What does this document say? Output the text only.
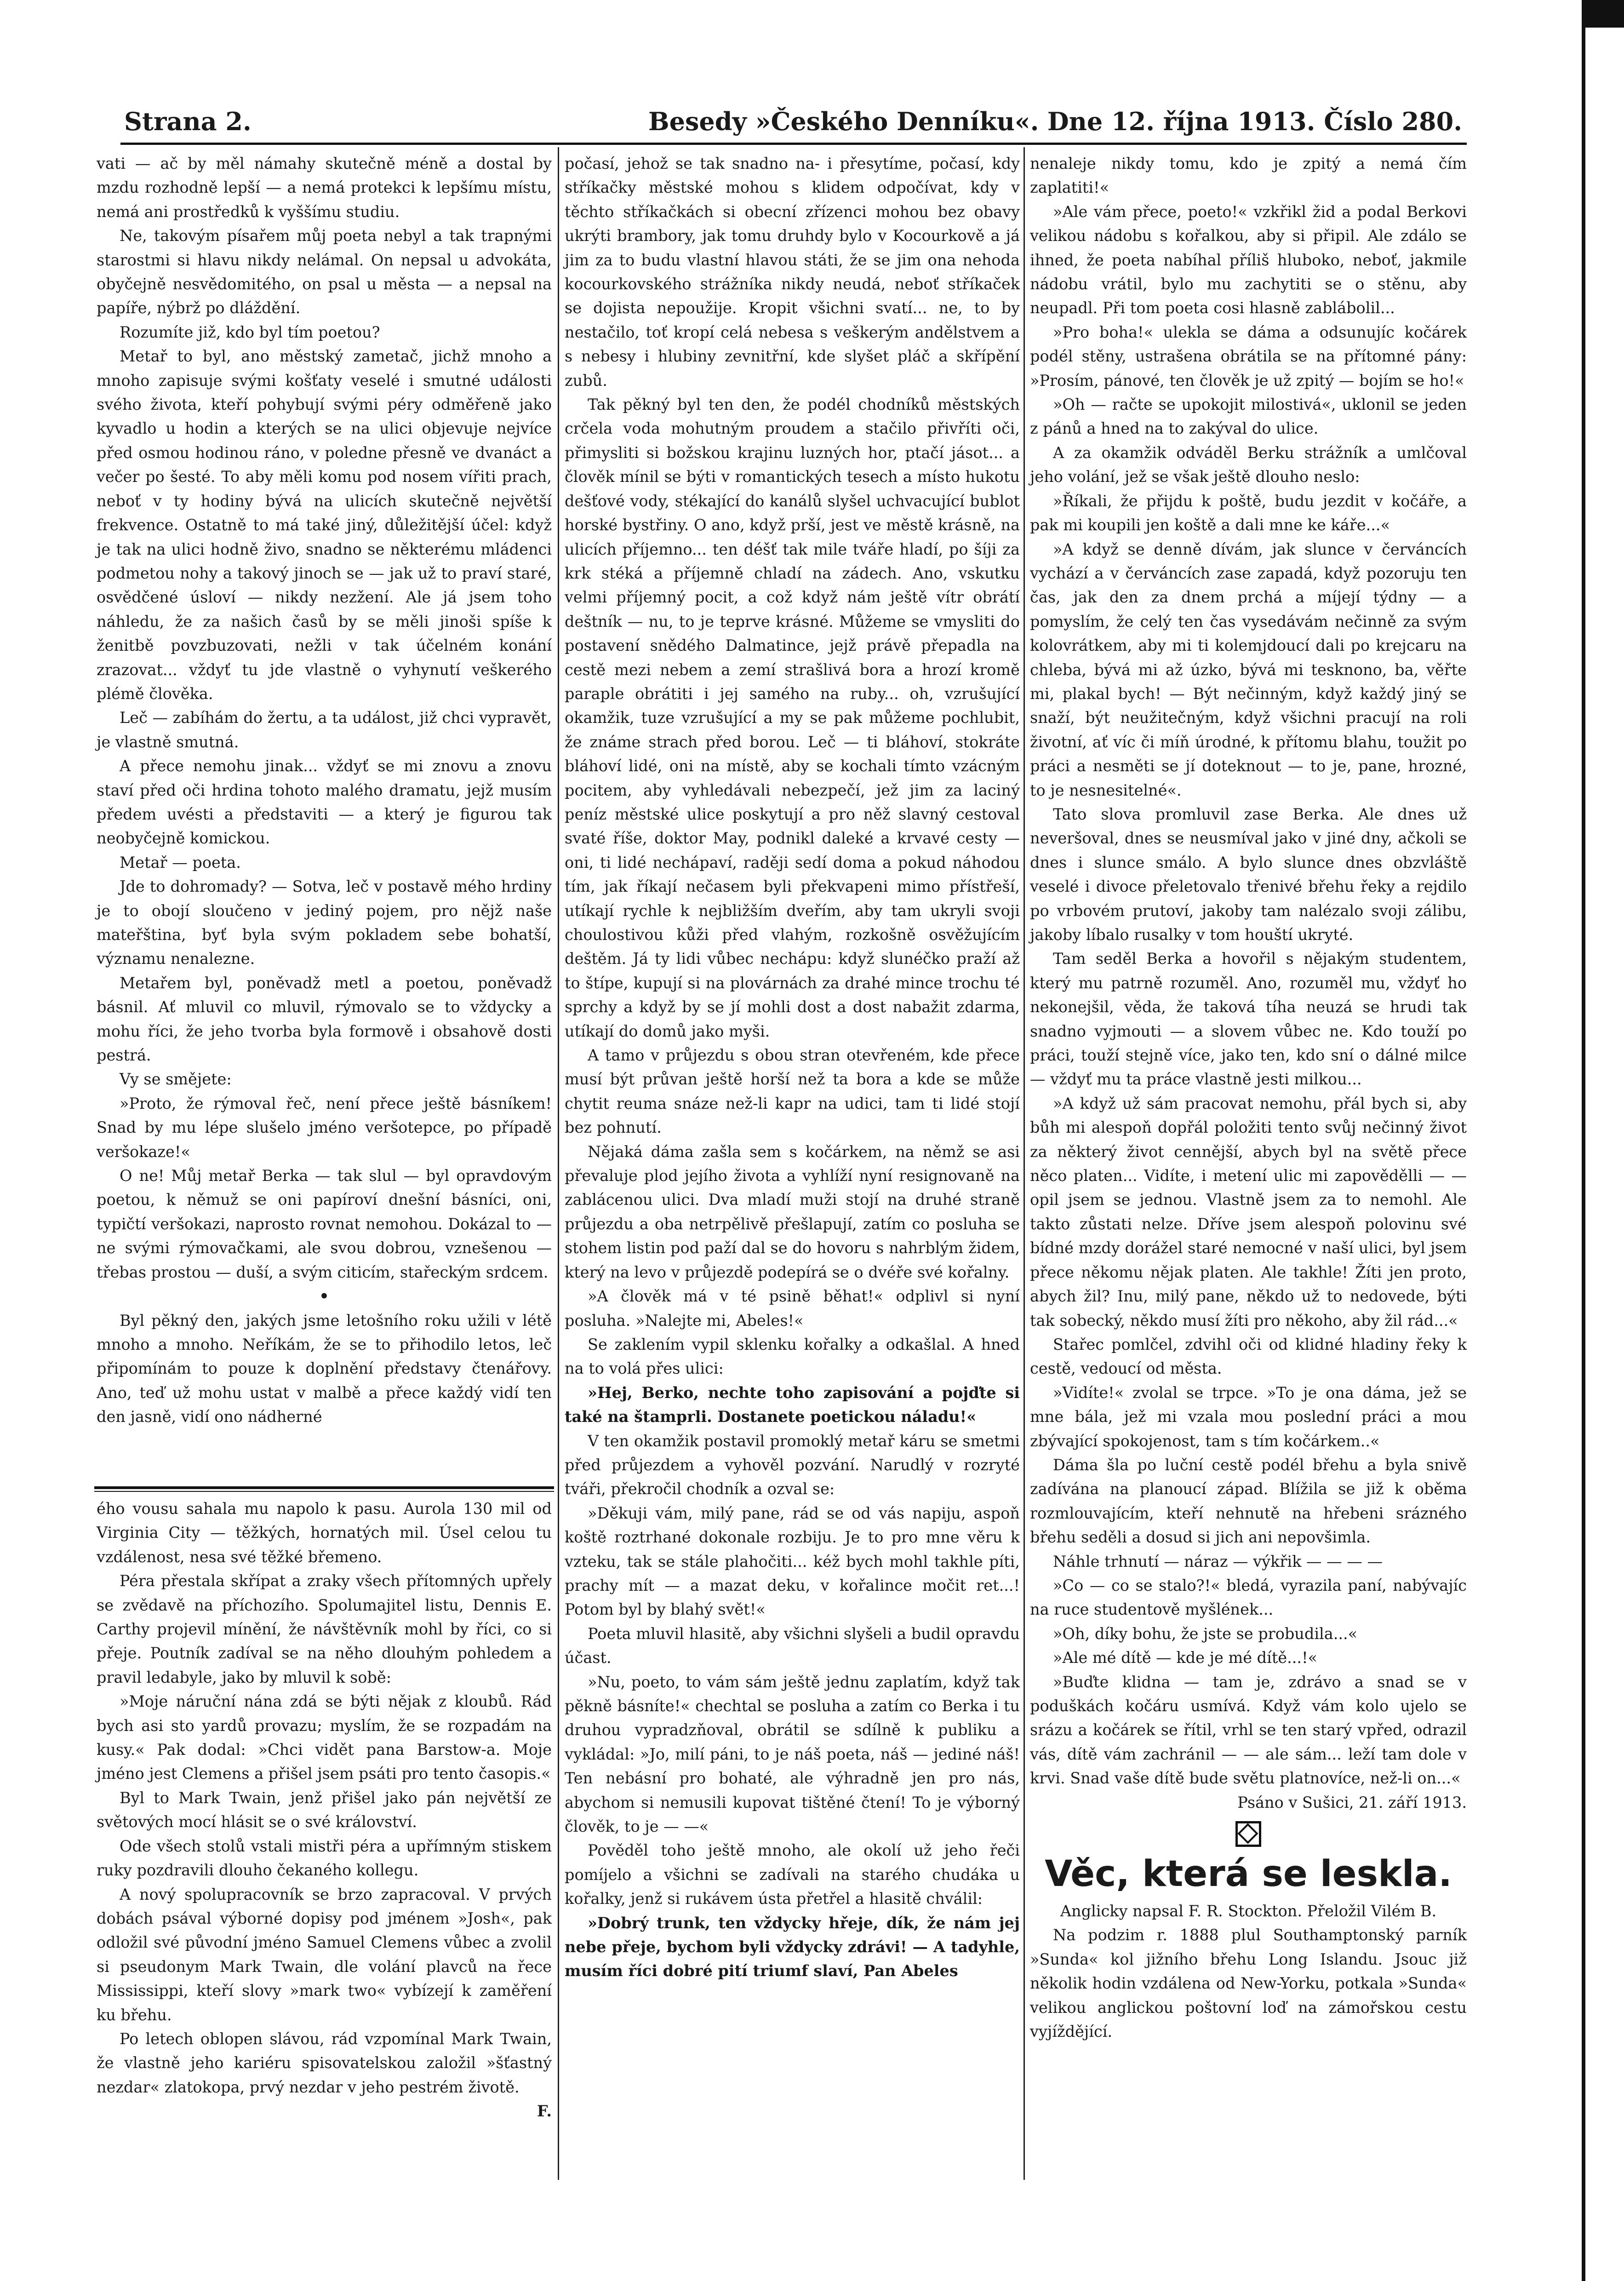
Strana 2.	Besedy »Českého Denníku«. Dne 12. října 1913. Číslo 280.

vati — ač by měl námahy skutečně méně a dostal by mzdu rozhodně lepší — a nemá protekci k lepšímu místu, nemá ani prostředků k vyššímu studiu.

Ne, takovým písařem můj poeta nebyl a tak trapnými starostmi si hlavu nikdy nelámal. On nepsal u advokáta, obyčejně nesvědomitého, on psal u města — a nepsal na papíře, nýbrž po dláždění.

Rozumíte již, kdo byl tím poetou?

Metař to byl, ano městský zametač, jichž mnoho a mnoho zapisuje svými košťaty veselé i smutné události svého života, kteří pohybují svými péry odměřeně jako kyvadlo u hodin a kterých se na ulici objevuje nejvíce před osmou hodinou ráno, v poledne přesně ve dvanáct a večer po šesté. To aby měli komu pod nosem vířiti prach, neboť v ty hodiny bývá na ulicích skutečně největší frekvence. Ostatně to má také jiný, důležitější účel: když je tak na ulici hodně živo, snadno se některému mládenci podmetou nohy a takový jinoch se — jak už to praví staré, osvědčené úsloví — nikdy nezžení. Ale já jsem toho náhledu, že za našich časů by se měli jinoši spíše k ženitbě povzbuzovati, nežli v tak účelném konání zrazovat... vždyť tu jde vlastně o vyhynutí veškerého plémě člověka.

Leč — zabíhám do žertu, a ta událost, již chci vypravět, je vlastně smutná.

A přece nemohu jinak... vždyť se mi znovu a znovu staví před oči hrdina tohoto malého dramatu, jejž musím předem uvésti a představiti — a který je figurou tak neobyčejně komickou.

Metař — poeta.

Jde to dohromady? — Sotva, leč v postavě mého hrdiny je to obojí sloučeno v jediný pojem, pro nějž naše mateřština, byť byla svým pokladem sebe bohatší, významu nenalezne.

Metařem byl, poněvadž metl a poetou, poněvadž básnil. Ať mluvil co mluvil, rýmovalo se to vždycky a mohu říci, že jeho tvorba byla formově i obsahově dosti pestrá.

Vy se smějete:

»Proto, že rýmoval řeč, není přece ještě básníkem! Snad by mu lépe slušelo jméno veršotepce, po případě veršokaze!«

O ne! Můj metař Berka — tak slul — byl opravdovým poetou, k němuž se oni papíroví dnešní básníci, oni, typičtí veršokazi, naprosto rovnat nemohou. Dokázal to — ne svými rýmovačkami, ale svou dobrou, vznešenou — třebas prostou — duší, a svým citicím, stařeckým srdcem.

•

Byl pěkný den, jakých jsme letošního roku užili v létě mnoho a mnoho. Neříkám, že se to přihodilo letos, leč připomínám to pouze k doplnění představy čtenářovy. Ano, teď už mohu ustat v malbě a přece každý vidí ten den jasně, vidí ono nádherné

ého vousu sahala mu napolo k pasu. Aurola 130 mil od Virginia City — těžkých, hornatých mil. Úsel celou tu vzdálenost, nesa své těžké břemeno.

Péra přestala skřípat a zraky všech přítomných upřely se zvědavě na příchozího. Spolumajitel listu, Dennis E. Carthy projevil mínění, že návštěvník mohl by říci, co si přeje. Poutník zadíval se na něho dlouhým pohledem a pravil ledabyle, jako by mluvil k sobě:

»Moje náruční nána zdá se býti nějak z kloubů. Rád bych asi sto yardů provazu; myslím, že se rozpadám na kusy.« Pak dodal: »Chci vidět pana Barstow-a. Moje jméno jest Clemens a přišel jsem psáti pro tento časopis.«

Byl to Mark Twain, jenž přišel jako pán největší ze světových mocí hlásit se o své království.

Ode všech stolů vstali mistři péra a upřímným stiskem ruky pozdravili dlouho čekaného kollegu.

A nový spolupracovník se brzo zapracoval. V prvých dobách psával výborné dopisy pod jménem »Josh«, pak odložil své původní jméno Samuel Clemens vůbec a zvolil si pseudonym Mark Twain, dle volání plavců na řece Mississippi, kteří slovy »mark two« vybízejí k zaměření ku břehu.

Po letech oblopen slávou, rád vzpomínal Mark Twain, že vlastně jeho kariéru spisovatelskou založil »šťastný nezdar« zlatokopa, prvý nezdar v jeho pestrém životě.

F.

počasí, jehož se tak snadno na- i přesytíme, počasí, kdy stříkačky městské mohou s klidem odpočívat, kdy v těchto stříkačkách si obecní zřízenci mohou bez obavy ukrýti brambory, jak tomu druhdy bylo v Kocourkově a já jim za to budu vlastní hlavou státi, že se jim ona nehoda kocourkovského strážníka nikdy neudá, neboť stříkaček se dojista nepoužije. Kropit všichni svatí... ne, to by nestačilo, toť kropí celá nebesa s veškerým andělstvem a s nebesy i hlubiny zevnitřní, kde slyšet pláč a skřípění zubů.

Tak pěkný byl ten den, že podél chodníků městských crčela voda mohutným proudem a stačilo přivříti oči, přimysliti si božskou krajinu luzných hor, ptačí jásot... a člověk mínil se býti v romantických tesech a místo hukotu dešťové vody, stékající do kanálů slyšel uchvacující bublot horské bystřiny. O ano, když prší, jest ve městě krásně, na ulicích příjemno... ten déšť tak mile tváře hladí, po šíji za krk stéká a příjemně chladí na zádech. Ano, vskutku velmi příjemný pocit, a což když nám ještě vítr obrátí deštník — nu, to je teprve krásné. Můžeme se vmysliti do postavení snědého Dalmatince, jejž právě přepadla na cestě mezi nebem a zemí strašlivá bora a hrozí kromě paraple obrátiti i jej samého na ruby... oh, vzrušující okamžik, tuze vzrušující a my se pak můžeme pochlubit, že známe strach před borou. Leč — ti bláhoví, stokráte bláhoví lidé, oni na místě, aby se kochali tímto vzácným pocitem, aby vyhledávali nebezpečí, jež jim za laciný peníz městské ulice poskytují a pro něž slavný cestoval svaté říše, doktor May, podnikl daleké a krvavé cesty — oni, ti lidé nechápaví, raději sedí doma a pokud náhodou tím, jak říkají nečasem byli překvapeni mimo přístřeší, utíkají rychle k nejbližším dveřím, aby tam ukryli svoji choulostivou kůži před vlahým, rozkošně osvěžujícím deštěm. Já ty lidi vůbec nechápu: když slunéčko praží až to štípe, kupují si na plovárnách za drahé mince trochu té sprchy a když by se jí mohli dost a dost nabažit zdarma, utíkají do domů jako myši.

A tamo v průjezdu s obou stran otevřeném, kde přece musí být průvan ještě horší než ta bora a kde se může chytit reuma snáze než-li kapr na udici, tam ti lidé stojí bez pohnutí.

Nějaká dáma zašla sem s kočárkem, na němž se asi převaluje plod jejího života a vyhlíží nyní resignovaně na zablácenou ulici. Dva mladí muži stojí na druhé straně průjezdu a oba netrpělivě přešlapují, zatím co posluha se stohem listin pod paží dal se do hovoru s nahrblým židem, který na levo v průjezdě podepírá se o dvéře své kořalny.

»A člověk má v té psině běhat!« odplivl si nyní posluha. »Nalejte mi, Abeles!«

Se zaklením vypil sklenku kořalky a odkašlal. A hned na to volá přes ulici:

»Hej, Berko, nechte toho zapisování a pojďte si také na štamprli. Dostanete poetickou náladu!«

V ten okamžik postavil promoklý metař káru se smetmi před průjezdem a vyhověl pozvání. Narudlý v rozryté tváři, překročil chodník a ozval se:

»Děkuji vám, milý pane, rád se od vás napiju, aspoň koště roztrhané dokonale rozbiju. Je to pro mne věru k vzteku, tak se stále plahočiti... kéž bych mohl takhle píti, prachy mít — a mazat deku, v kořalince močit ret...! Potom byl by blahý svět!«

Poeta mluvil hlasitě, aby všichni slyšeli a budil opravdu účast.

»Nu, poeto, to vám sám ještě jednu zaplatím, když tak pěkně básníte!« chechtal se posluha a zatím co Berka i tu druhou vypradzňoval, obrátil se sdílně k publiku a vykládal: »Jo, milí páni, to je náš poeta, náš — jediné náš! Ten nebásní pro bohaté, ale výhradně jen pro nás, abychom si nemusili kupovat tištěné čtení! To je výborný člověk, to je — —«

Pověděl toho ještě mnoho, ale okolí už jeho řeči pomíjelo a všichni se zadívali na starého chudáka u kořalky, jenž si rukávem ústa přetřel a hlasitě chválil:

»Dobrý trunk, ten vždycky hřeje, dík, že nám jej nebe přeje, bychom byli vždycky zdrávi! — A tadyhle, musím říci dobré pití triumf slaví, Pan Abeles

nenaleje nikdy tomu, kdo je zpitý a nemá čím zaplatiti!«

»Ale vám přece, poeto!« vzkřikl žid a podal Berkovi velikou nádobu s kořalkou, aby si připil. Ale zdálo se ihned, že poeta nabíhal příliš hluboko, neboť, jakmile nádobu vrátil, bylo mu zachytiti se o stěnu, aby neupadl. Při tom poeta cosi hlasně zablábolil...

»Pro boha!« ulekla se dáma a odsunujíc kočárek podél stěny, ustrašena obrátila se na přítomné pány: »Prosím, pánové, ten člověk je už zpitý — bojím se ho!«

»Oh — račte se upokojit milostivá«, uklonil se jeden z pánů a hned na to zakýval do ulice.

A za okamžik odváděl Berku strážník a umlčoval jeho volání, jež se však ještě dlouho neslo:

»Říkali, že přijdu k poště, budu jezdit v kočáře, a pak mi koupili jen koště a dali mne ke káře...«

»A když se denně dívám, jak slunce v červáncích vychází a v červáncích zase zapadá, když pozoruju ten čas, jak den za dnem prchá a míjejí týdny — a pomyslím, že celý ten čas vysedávám nečinně za svým kolovrátkem, aby mi ti kolemjdoucí dali po krejcaru na chleba, bývá mi až úzko, bývá mi tesknono, ba, věřte mi, plakal bych! — Být nečinným, když každý jiný se snaží, být neužitečným, když všichni pracují na roli životní, ať víc či míň úrodné, k přítomu blahu, toužit po práci a nesměti se jí doteknout — to je, pane, hrozné, to je nesnesitelné«.

Tato slova promluvil zase Berka. Ale dnes už neveršoval, dnes se neusmíval jako v jiné dny, ačkoli se dnes i slunce smálo. A bylo slunce dnes obzvláště veselé i divoce přeletovalo třenivé břehu řeky a rejdilo po vrbovém prutoví, jakoby tam nalézalo svoji zálibu, jakoby líbalo rusalky v tom houští ukryté.

Tam seděl Berka a hovořil s nějakým studentem, který mu patrně rozuměl. Ano, rozuměl mu, vždyť ho nekonejšil, věda, že taková tíha neuzá se hrudi tak snadno vyjmouti — a slovem vůbec ne. Kdo touží po práci, touží stejně více, jako ten, kdo sní o dálné milce — vždyť mu ta práce vlastně jesti milkou...

»A když už sám pracovat nemohu, přál bych si, aby bůh mi alespoň dopřál položiti tento svůj nečinný život za některý život cennější, abych byl na světě přece něco platen... Vidíte, i metení ulic mi zapovědělli — — opil jsem se jednou. Vlastně jsem za to nemohl. Ale takto zůstati nelze. Dříve jsem alespoň polovinu své bídné mzdy dorážel staré nemocné v naší ulici, byl jsem přece někomu nějak platen. Ale takhle! Žíti jen proto, abych žil? Inu, milý pane, někdo už to nedovede, býti tak sobecký, někdo musí žíti pro někoho, aby žil rád...«

Stařec pomlčel, zdvihl oči od klidné hladiny řeky k cestě, vedoucí od města.

»Vidíte!« zvolal se trpce. »To je ona dáma, jež se mne bála, jež mi vzala mou poslední práci a mou zbývající spokojenost, tam s tím kočárkem..«

Dáma šla po luční cestě podél břehu a byla snivě zadívána na planoucí západ. Blížila se již k oběma rozmlouvajícím, kteří nehnutě na hřebeni srázného břehu seděli a dosud si jich ani nepovšimla.

Náhle trhnutí — náraz — výkřik — — — —

»Co — co se stalo?!« bledá, vyrazila paní, nabývajíc na ruce studentově myšlének...

»Oh, díky bohu, že jste se probudila...«

»Ale mé dítě — kde je mé dítě...!«

»Buďte klidna — tam je, zdrávo a snad se v poduškách kočáru usmívá. Když vám kolo ujelo se srázu a kočárek se řítil, vrhl se ten starý vpřed, odrazil vás, dítě vám zachránil — — ale sám... leží tam dole v krvi. Snad vaše dítě bude světu platnovíce, než-li on...«

Psáno v Sušici, 21. září 1913.

Věc, která se leskla.

Anglicky napsal F. R. Stockton. Přeložil Vilém B.

Na podzim r. 1888 plul Southamptonský parník »Sunda« kol jižního břehu Long Islandu. Jsouc již několik hodin vzdálena od New-Yorku, potkala »Sunda« velikou anglickou poštovní loď na zámořskou cestu vyjíždějící.
